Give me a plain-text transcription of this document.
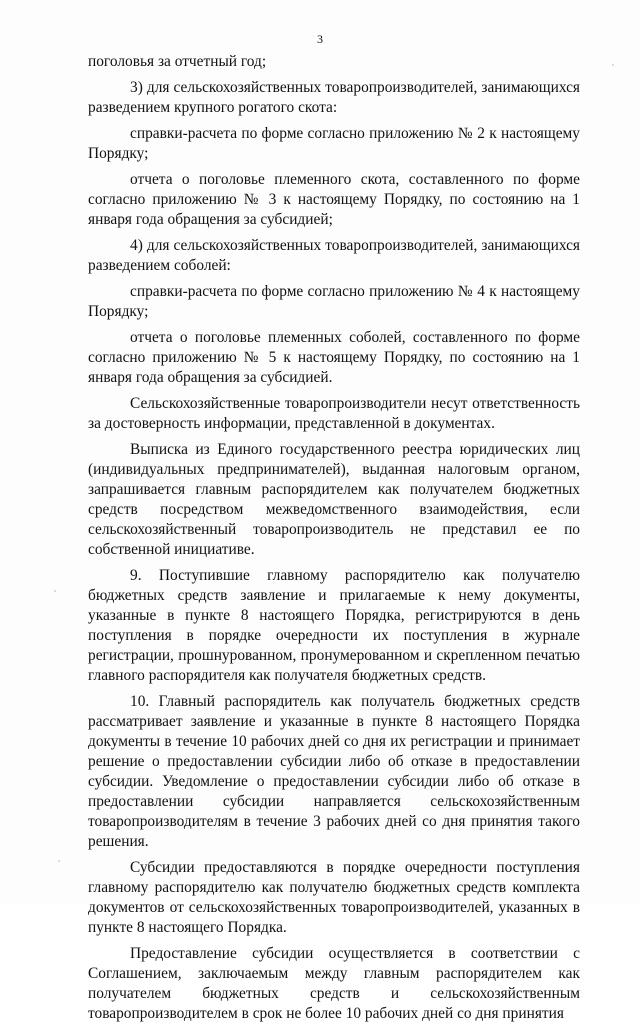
3

поголовья за отчетный год;

3) для сельскохозяйственных товаропроизводителей, занимающихся разведением крупного рогатого скота:

справки-расчета по форме согласно приложению № 2 к настоящему Порядку;

отчета о поголовье племенного скота, составленного по форме согласно приложению № 3 к настоящему Порядку, по состоянию на 1 января года обращения за субсидией;

4) для сельскохозяйственных товаропроизводителей, занимающихся разведением соболей:

справки-расчета по форме согласно приложению № 4 к настоящему Порядку;

отчета о поголовье племенных соболей, составленного по форме согласно приложению № 5 к настоящему Порядку, по состоянию на 1 января года обращения за субсидией.

Сельскохозяйственные товаропроизводители несут ответственность за достоверность информации, представленной в документах.

Выписка из Единого государственного реестра юридических лиц (индивидуальных предпринимателей), выданная налоговым органом, запрашивается главным распорядителем как получателем бюджетных средств посредством межведомственного взаимодействия, если сельскохозяйственный товаропроизводитель не представил ее по собственной инициативе.

9. Поступившие главному распорядителю как получателю бюджетных средств заявление и прилагаемые к нему документы, указанные в пункте 8 настоящего Порядка, регистрируются в день поступления в порядке очередности их поступления в журнале регистрации, прошнурованном, пронумерованном и скрепленном печатью главного распорядителя как получателя бюджетных средств.

10. Главный распорядитель как получатель бюджетных средств рассматривает заявление и указанные в пункте 8 настоящего Порядка документы в течение 10 рабочих дней со дня их регистрации и принимает решение о предоставлении субсидии либо об отказе в предоставлении субсидии. Уведомление о предоставлении субсидии либо об отказе в предоставлении субсидии направляется сельскохозяйственным товаропроизводителям в течение 3 рабочих дней со дня принятия такого решения.

Субсидии предоставляются в порядке очередности поступления главному распорядителю как получателю бюджетных средств комплекта документов от сельскохозяйственных товаропроизводителей, указанных в пункте 8 настоящего Порядка.

Предоставление субсидии осуществляется в соответствии с Соглашением, заключаемым между главным распорядителем как получателем бюджетных средств и сельскохозяйственным товаропроизводителем в срок не более 10 рабочих дней со дня принятия
